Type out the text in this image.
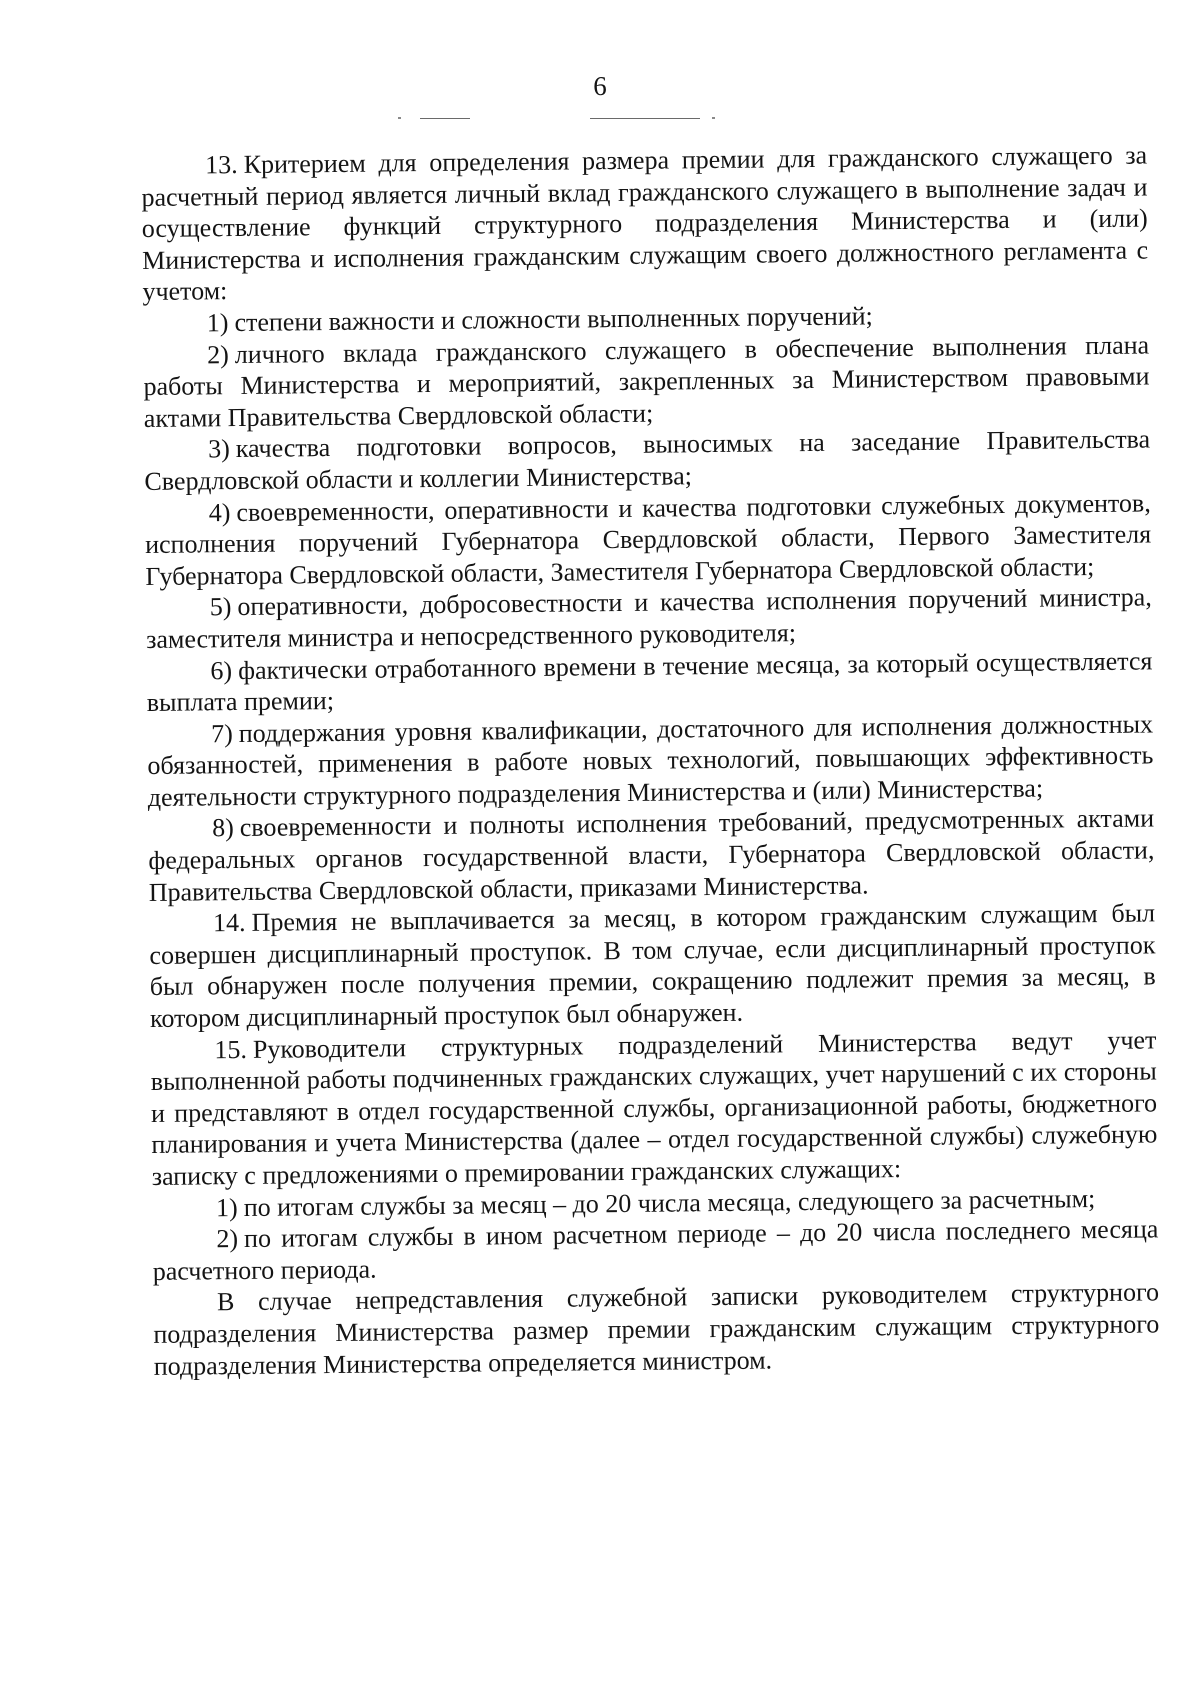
6

13. Критерием для определения размера премии для гражданского служащего за расчетный период является личный вклад гражданского служащего в выполнение задач и осуществление функций структурного подразделения Министерства и (или) Министерства и исполнения гражданским служащим своего должностного регламента с учетом:

1) степени важности и сложности выполненных поручений;

2) личного вклада гражданского служащего в обеспечение выполнения плана работы Министерства и мероприятий, закрепленных за Министерством правовыми актами Правительства Свердловской области;

3) качества подготовки вопросов, выносимых на заседание Правительства Свердловской области и коллегии Министерства;

4) своевременности, оперативности и качества подготовки служебных документов, исполнения поручений Губернатора Свердловской области, Первого Заместителя Губернатора Свердловской области, Заместителя Губернатора Свердловской области;

5) оперативности, добросовестности и качества исполнения поручений министра, заместителя министра и непосредственного руководителя;

6) фактически отработанного времени в течение месяца, за который осуществляется выплата премии;

7) поддержания уровня квалификации, достаточного для исполнения должностных обязанностей, применения в работе новых технологий, повышающих эффективность деятельности структурного подразделения Министерства и (или) Министерства;

8) своевременности и полноты исполнения требований, предусмотренных актами федеральных органов государственной власти, Губернатора Свердловской области, Правительства Свердловской области, приказами Министерства.

14. Премия не выплачивается за месяц, в котором гражданским служащим был совершен дисциплинарный проступок. В том случае, если дисциплинарный проступок был обнаружен после получения премии, сокращению подлежит премия за месяц, в котором дисциплинарный проступок был обнаружен.

15. Руководители структурных подразделений Министерства ведут учет выполненной работы подчиненных гражданских служащих, учет нарушений с их стороны и представляют в отдел государственной службы, организационной работы, бюджетного планирования и учета Министерства (далее – отдел государственной службы) служебную записку с предложениями о премировании гражданских служащих:

1) по итогам службы за месяц – до 20 числа месяца, следующего за расчетным;

2) по итогам службы в ином расчетном периоде – до 20 числа последнего месяца расчетного периода.

В случае непредставления служебной записки руководителем структурного подразделения Министерства размер премии гражданским служащим структурного подразделения Министерства определяется министром.
